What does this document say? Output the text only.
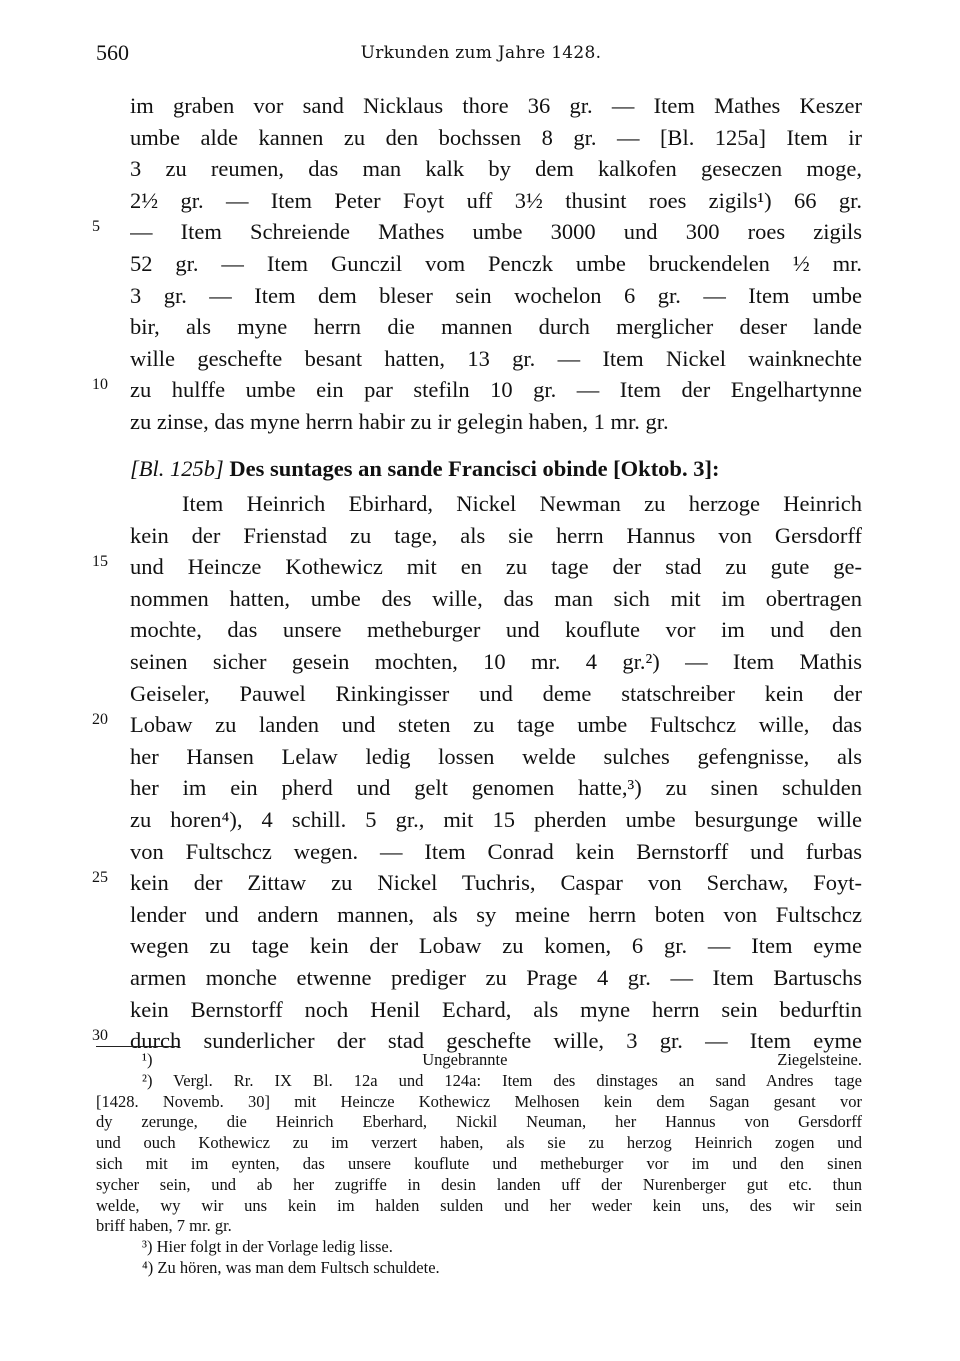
560	Urkunden zum Jahre 1428.
im graben vor sand Nicklaus thore 36 gr. — Item Mathes Keszer
umbe alde kannen zu den bochssen 8 gr. — [Bl. 125a] Item ir
3 zu reumen, das man kalk by dem kalkofen geseczen moge,
2½ gr. — Item Peter Foyt uff 3½ thusint roes zigils¹) 66 gr.
— Item Schreiende Mathes umbe 3000 und 300 roes zigils
52 gr. — Item Gunczil vom Penczk umbe bruckendelen ½ mr.
3 gr. — Item dem bleser sein wochelon 6 gr. — Item umbe
bir, als myne herrn die mannen durch merglicher deser lande
wille geschefte besant hatten, 13 gr. — Item Nickel wainknechte
zu hulffe umbe ein par stefiln 10 gr. — Item der Engelhartynne
zu zinse, das myne herrn habir zu ir gelegin haben, 1 mr. gr.
[Bl. 125b] Des suntages an sande Francisci obinde [Oktob. 3]:
Item Heinrich Ebirhard, Nickel Newman zu herzoge Heinrich
kein der Frienstad zu tage, als sie herrn Hannus von Gersdorff
und Heincze Kothewicz mit en zu tage der stad zu gute ge-
nommen hatten, umbe des wille, das man sich mit im obertragen
mochte, das unsere metheburger und kouflute vor im und den
seinen sicher gesein mochten, 10 mr. 4 gr.²) — Item Mathis
Geiseler, Pauwel Rinkingisser und deme statschreiber kein der
Lobaw zu landen und steten zu tage umbe Fultschcz wille, das
her Hansen Lelaw ledig lossen welde sulches gefengnisse, als
her im ein pherd und gelt genomen hatte,³) zu sinen schulden
zu horen⁴), 4 schill. 5 gr., mit 15 pherden umbe besurgunge wille
von Fultschcz wegen. — Item Conrad kein Bernstorff und furbas
kein der Zittaw zu Nickel Tuchris, Caspar von Serchaw, Foyt-
lender und andern mannen, als sy meine herrn boten von Fultschcz
wegen zu tage kein der Lobaw zu komen, 6 gr. — Item eyme
armen monche etwenne prediger zu Prage 4 gr. — Item Bartuschs
kein Bernstorff noch Henil Echard, als myne herrn sein bedurftin
durch sunderlicher der stad geschefte wille, 3 gr. — Item eyme
5
10
15
20
25
30
¹) Ungebrannte Ziegelsteine.
²) Vergl. Rr. IX Bl. 12a und 124a: Item des dinstages an sand Andres tage
[1428. Novemb. 30] mit Heincze Kothewicz Melhosen kein dem Sagan gesant vor
dy zerunge, die Heinrich Eberhard, Nickil Neuman, her Hannus von Gersdorff
und ouch Kothewicz zu im verzert haben, als sie zu herzog Heinrich zogen und
sich mit im eynten, das unsere kouflute und metheburger vor im und den sinen
sycher sein, und ab her zugriffe in desin landen uff der Nurenberger gut etc. thun
welde, wy wir uns kein im halden sulden und her weder kein uns, des wir sein
briff haben, 7 mr. gr.
³) Hier folgt in der Vorlage ledig lisse.
⁴) Zu hören, was man dem Fultsch schuldete.
